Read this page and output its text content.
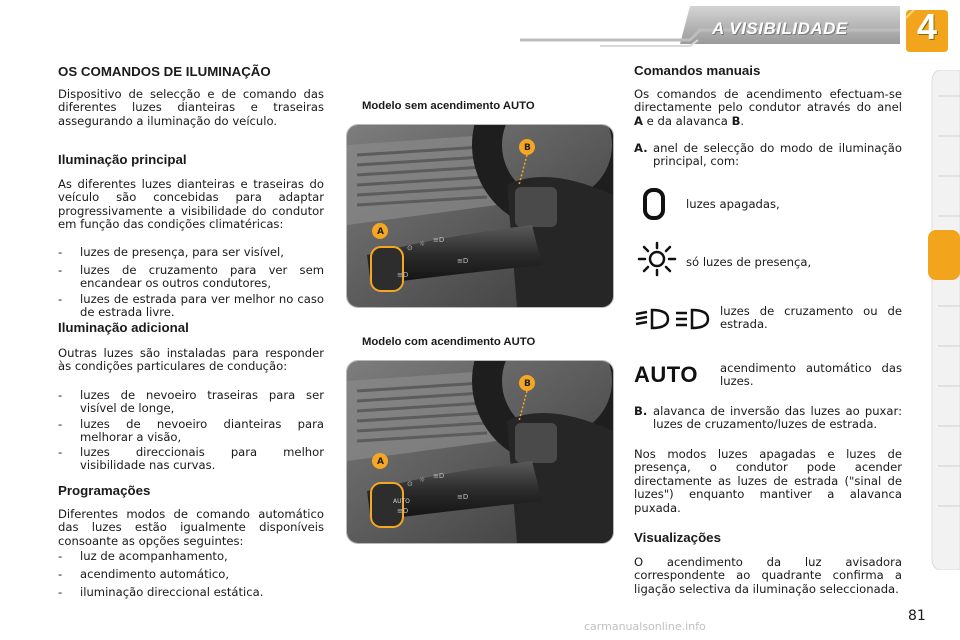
A VISIBILIDADE	4
OS COMANDOS DE ILUMINAÇÃO
Dispositivo de selecção e de comando das diferentes luzes dianteiras e traseiras assegurando a iluminação do veículo.
Iluminação principal
As diferentes luzes dianteiras e traseiras do veículo são concebidas para adaptar progressivamente a visibilidade do condutor em função das condições climatéricas:
- luzes de presença, para ser visível,
- luzes de cruzamento para ver sem encandear os outros condutores,
- luzes de estrada para ver melhor no caso de estrada livre.
Iluminação adicional
Outras luzes são instaladas para responder às condições particulares de condução:
- luzes de nevoeiro traseiras para ser visível de longe,
- luzes de nevoeiro dianteiras para melhorar a visão,
- luzes direccionais para melhor visibilidade nas curvas.
Programações
Diferentes modos de comando automático das luzes estão igualmente disponíveis consoante as opções seguintes:
- luz de acompanhamento,
- acendimento automático,
- iluminação direccional estática.
Modelo sem acendimento AUTO
⊙ ☼ ≡D
≡D
≡D
A
B
Modelo com acendimento AUTO
⊙ ☼ ≡D
≡D
≡D
AUTO
A
B
Comandos manuais
Os comandos de acendimento efectuam-se directamente pelo condutor através do anel A e da alavanca B.
A. anel de selecção do modo de iluminação principal, com:
luzes apagadas,
só luzes de presença,
luzes de cruzamento ou de estrada.
AUTO acendimento automático das luzes.
B. alavanca de inversão das luzes ao puxar: luzes de cruzamento/luzes de estrada.
Nos modos luzes apagadas e luzes de presença, o condutor pode acender directamente as luzes de estrada ("sinal de luzes") enquanto mantiver a alavanca puxada.
Visualizações
O acendimento da luz avisadora correspondente ao quadrante confirma a ligação selectiva da iluminação seleccionada.
81
carmanualsonline.info
